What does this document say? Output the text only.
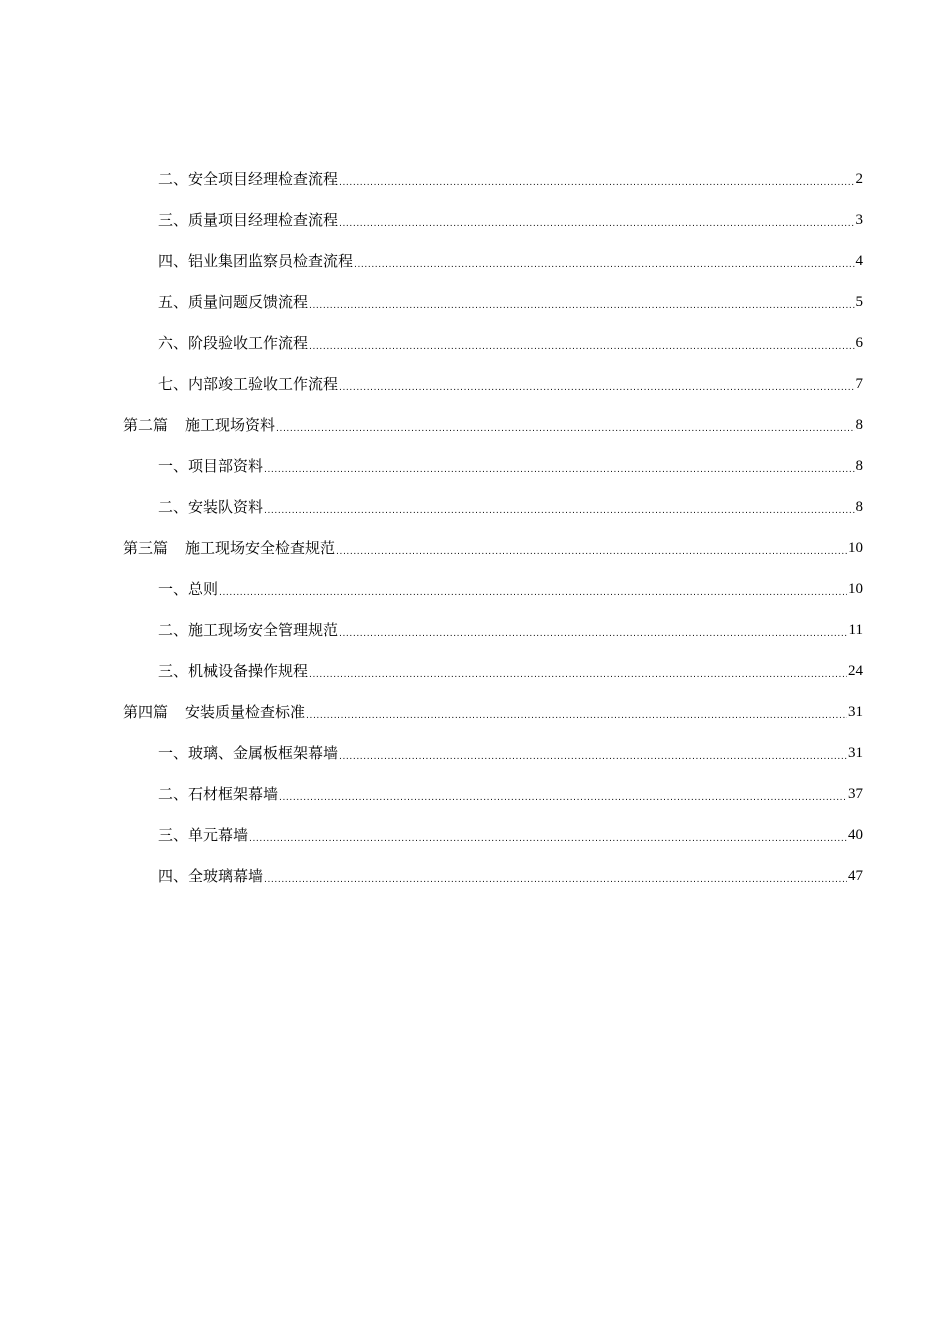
二、安全项目经理检查流程 .....	2
三、质量项目经理检查流程 .....	3
四、铝业集团监察员检查流程 .....	4
五、质量问题反馈流程 .....	5
六、阶段验收工作流程 .....	6
七、内部竣工验收工作流程 .....	7
第二篇 施工现场资料 .....	8
一、项目部资料 .....	8
二、安装队资料 .....	8
第三篇 施工现场安全检查规范 .....	10
一、总则 .....	10
二、施工现场安全管理规范 .....	11
三、机械设备操作规程 .....	24
第四篇 安装质量检查标准 .....	31
一、玻璃、金属板框架幕墙 .....	31
二、石材框架幕墙 .....	37
三、单元幕墙 .....	40
四、全玻璃幕墙 .....	47
